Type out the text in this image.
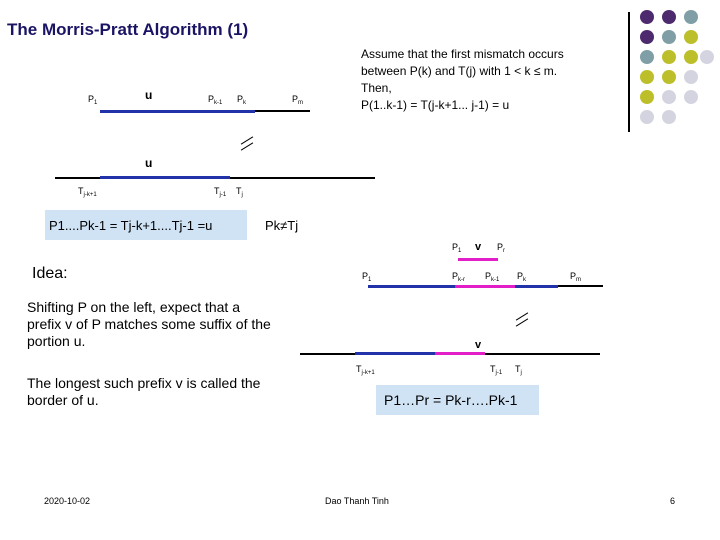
The Morris-Pratt Algorithm (1)
Assume that the first mismatch occurs
between P(k) and T(j) with 1 < k ≤ m.
Then,
P(1..k-1) = T(j-k+1... j-1) = u
u
u
$P_1$	$P_{k-1}$ $P_k$	$P_m$
$T_{j-k+1}$	$T_{j-1}$ $T_j$
P1....Pk-1 = Tj-k+1....Tj-1 =u	Pk≠Tj
Idea:
Shifting P on the left, expect that a prefix v of P matches some suffix of the portion u.
The longest such prefix v is called the border of u.
$P_1$ v $P_r$
$P_1$	$P_{k-r}$ $P_{k-1}$ $P_k$	$P_m$
v
$T_{j-k+1}$	$T_{j-1}$ $T_j$
P1…Pr = Pk-r….Pk-1
2020-10-02	Dao Thanh Tinh	6
